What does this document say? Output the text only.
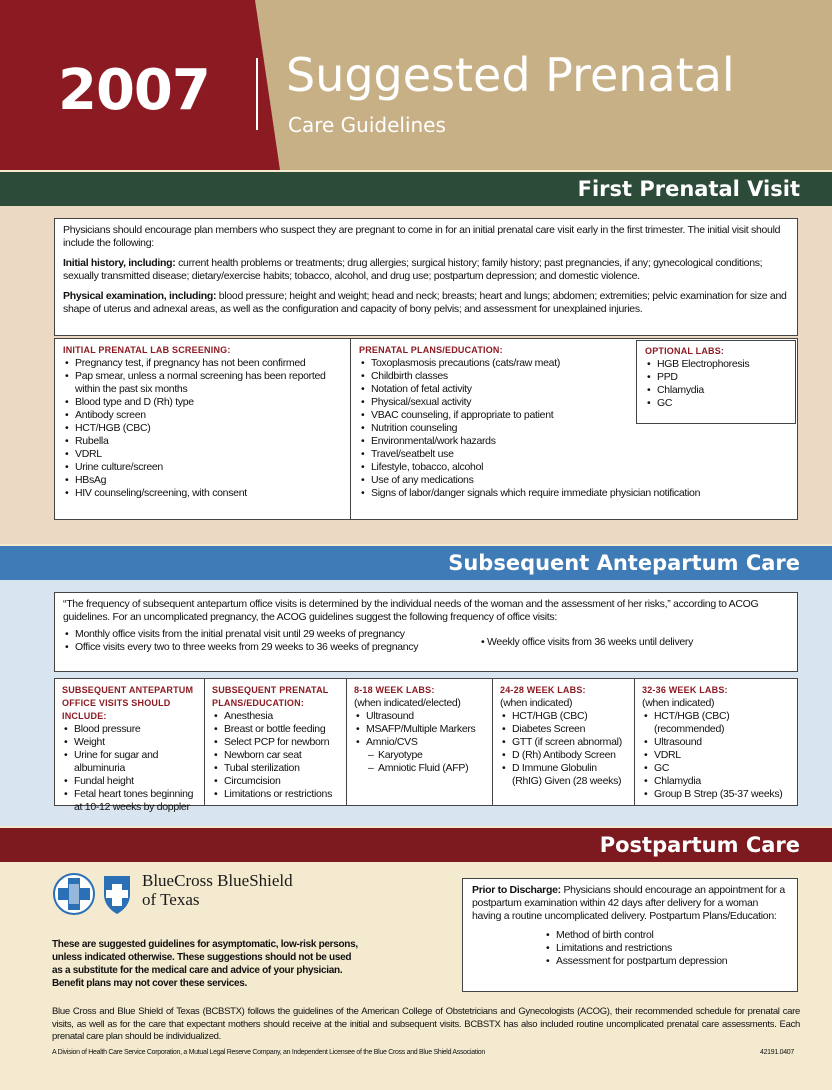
2007 Suggested Prenatal
Care Guidelines
First Prenatal Visit
Physicians should encourage plan members who suspect they are pregnant to come in for an initial prenatal care visit early in the first trimester. The initial visit should include the following:
Initial history, including: current health problems or treatments; drug allergies; surgical history; family history; past pregnancies, if any; gynecological conditions; sexually transmitted disease; dietary/exercise habits; tobacco, alcohol, and drug use; postpartum depression; and domestic violence.
Physical examination, including: blood pressure; height and weight; head and neck; breasts; heart and lungs; abdomen; extremities; pelvic examination for size and shape of uterus and adnexal areas, as well as the configuration and capacity of bony pelvis; and assessment for unexplained injuries.
INITIAL PRENATAL LAB SCREENING:
• Pregnancy test, if pregnancy has not been confirmed
• Pap smear, unless a normal screening has been reported within the past six months
• Blood type and D (Rh) type
• Antibody screen
• HCT/HGB (CBC)
• Rubella
• VDRL
• Urine culture/screen
• HBsAg
• HIV counseling/screening, with consent
PRENATAL PLANS/EDUCATION:
• Toxoplasmosis precautions (cats/raw meat)
• Childbirth classes
• Notation of fetal activity
• Physical/sexual activity
• VBAC counseling, if appropriate to patient
• Nutrition counseling
• Environmental/work hazards
• Travel/seatbelt use
• Lifestyle, tobacco, alcohol
• Use of any medications
• Signs of labor/danger signals which require immediate physician notification
OPTIONAL LABS:
• HGB Electrophoresis
• PPD
• Chlamydia
• GC
Subsequent Antepartum Care
“The frequency of subsequent antepartum office visits is determined by the individual needs of the woman and the assessment of her risks,” according to ACOG guidelines. For an uncomplicated pregnancy, the ACOG guidelines suggest the following frequency of office visits:
• Monthly office visits from the initial prenatal visit until 29 weeks of pregnancy
• Office visits every two to three weeks from 29 weeks to 36 weeks of pregnancy	• Weekly office visits from 36 weeks until delivery
SUBSEQUENT ANTEPARTUM OFFICE VISITS SHOULD INCLUDE:
• Blood pressure
• Weight
• Urine for sugar and albuminuria
• Fundal height
• Fetal heart tones beginning at 10-12 weeks by doppler
SUBSEQUENT PRENATAL PLANS/EDUCATION:
• Anesthesia
• Breast or bottle feeding
• Select PCP for newborn
• Newborn car seat
• Tubal sterilization
• Circumcision
• Limitations or restrictions
8-18 WEEK LABS:
(when indicated/elected)
• Ultrasound
• MSAFP/Multiple Markers
• Amnio/CVS
– Karyotype
– Amniotic Fluid (AFP)
24-28 WEEK LABS:
(when indicated)
• HCT/HGB (CBC)
• Diabetes Screen
• GTT (if screen abnormal)
• D (Rh) Antibody Screen
• D Immune Globulin (RhIG) Given (28 weeks)
32-36 WEEK LABS:
(when indicated)
• HCT/HGB (CBC) (recommended)
• Ultrasound
• VDRL
• GC
• Chlamydia
• Group B Strep (35-37 weeks)
Postpartum Care
BlueCross BlueShield
of Texas
These are suggested guidelines for asymptomatic, low-risk persons, unless indicated otherwise. These suggestions should not be used as a substitute for the medical care and advice of your physician. Benefit plans may not cover these services.
Prior to Discharge: Physicians should encourage an appointment for a postpartum examination within 42 days after delivery for a woman having a routine uncomplicated delivery. Postpartum Plans/Education:
• Method of birth control
• Limitations and restrictions
• Assessment for postpartum depression
Blue Cross and Blue Shield of Texas (BCBSTX) follows the guidelines of the American College of Obstetricians and Gynecologists (ACOG), their recommended schedule for prenatal care visits, as well as for the care that expectant mothers should receive at the initial and subsequent visits. BCBSTX has also included routine uncomplicated prenatal care assessments. Each prenatal care plan should be individualized.
A Division of Health Care Service Corporation, a Mutual Legal Reserve Company, an Independent Licensee of the Blue Cross and Blue Shield Association	42191.0407
